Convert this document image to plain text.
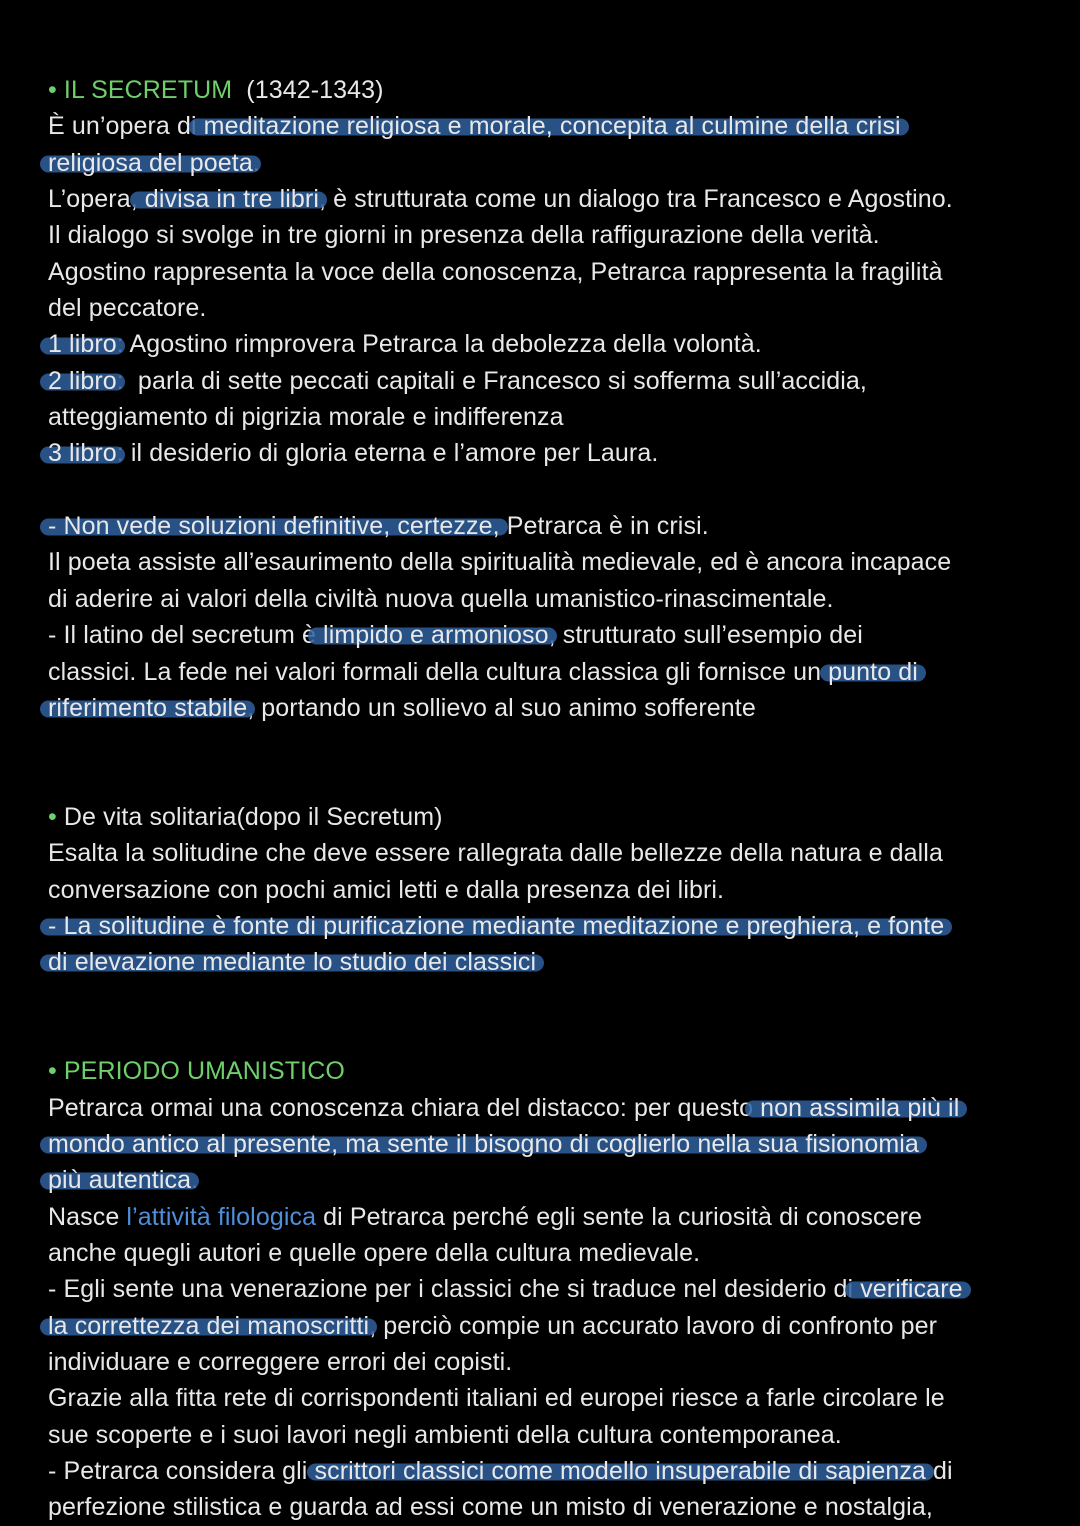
• IL SECRETUM  (1342-1343)
È un’opera di meditazione religiosa e morale, concepita al culmine della crisi
religiosa del poeta.
L’opera, divisa in tre libri, è strutturata come un dialogo tra Francesco e Agostino.
Il dialogo si svolge in tre giorni in presenza della raffigurazione della verità.
Agostino rappresenta la voce della conoscenza, Petrarca rappresenta la fragilità
del peccatore.
1 libro: Agostino rimprovera Petrarca la debolezza della volontà.
2 libro:  parla di sette peccati capitali e Francesco si sofferma sull’accidia,
atteggiamento di pigrizia morale e indifferenza
3 libro: il desiderio di gloria eterna e l’amore per Laura.
- Non vede soluzioni definitive, certezze, Petrarca è in crisi.
Il poeta assiste all’esaurimento della spiritualità medievale, ed è ancora incapace
di aderire ai valori della civiltà nuova quella umanistico-rinascimentale.
- Il latino del secretum è limpido e armonioso, strutturato sull’esempio dei
classici. La fede nei valori formali della cultura classica gli fornisce un punto di
riferimento stabile, portando un sollievo al suo animo sofferente
• De vita solitaria(dopo il Secretum)
Esalta la solitudine che deve essere rallegrata dalle bellezze della natura e dalla
conversazione con pochi amici letti e dalla presenza dei libri.
- La solitudine è fonte di purificazione mediante meditazione e preghiera, e fonte
di elevazione mediante lo studio dei classici
• PERIODO UMANISTICO
Petrarca ormai una conoscenza chiara del distacco: per questo non assimila più il
mondo antico al presente, ma sente il bisogno di coglierlo nella sua fisionomia
più autentica.
Nasce l’attività filologica di Petrarca perché egli sente la curiosità di conoscere
anche quegli autori e quelle opere della cultura medievale.
- Egli sente una venerazione per i classici che si traduce nel desiderio di verificare
la correttezza dei manoscritti, perciò compie un accurato lavoro di confronto per
individuare e correggere errori dei copisti.
Grazie alla fitta rete di corrispondenti italiani ed europei riesce a farle circolare le
sue scoperte e i suoi lavori negli ambienti della cultura contemporanea.
- Petrarca considera gli scrittori classici come modello insuperabile di sapienza di
perfezione stilistica e guarda ad essi come un misto di venerazione e nostalgia,
